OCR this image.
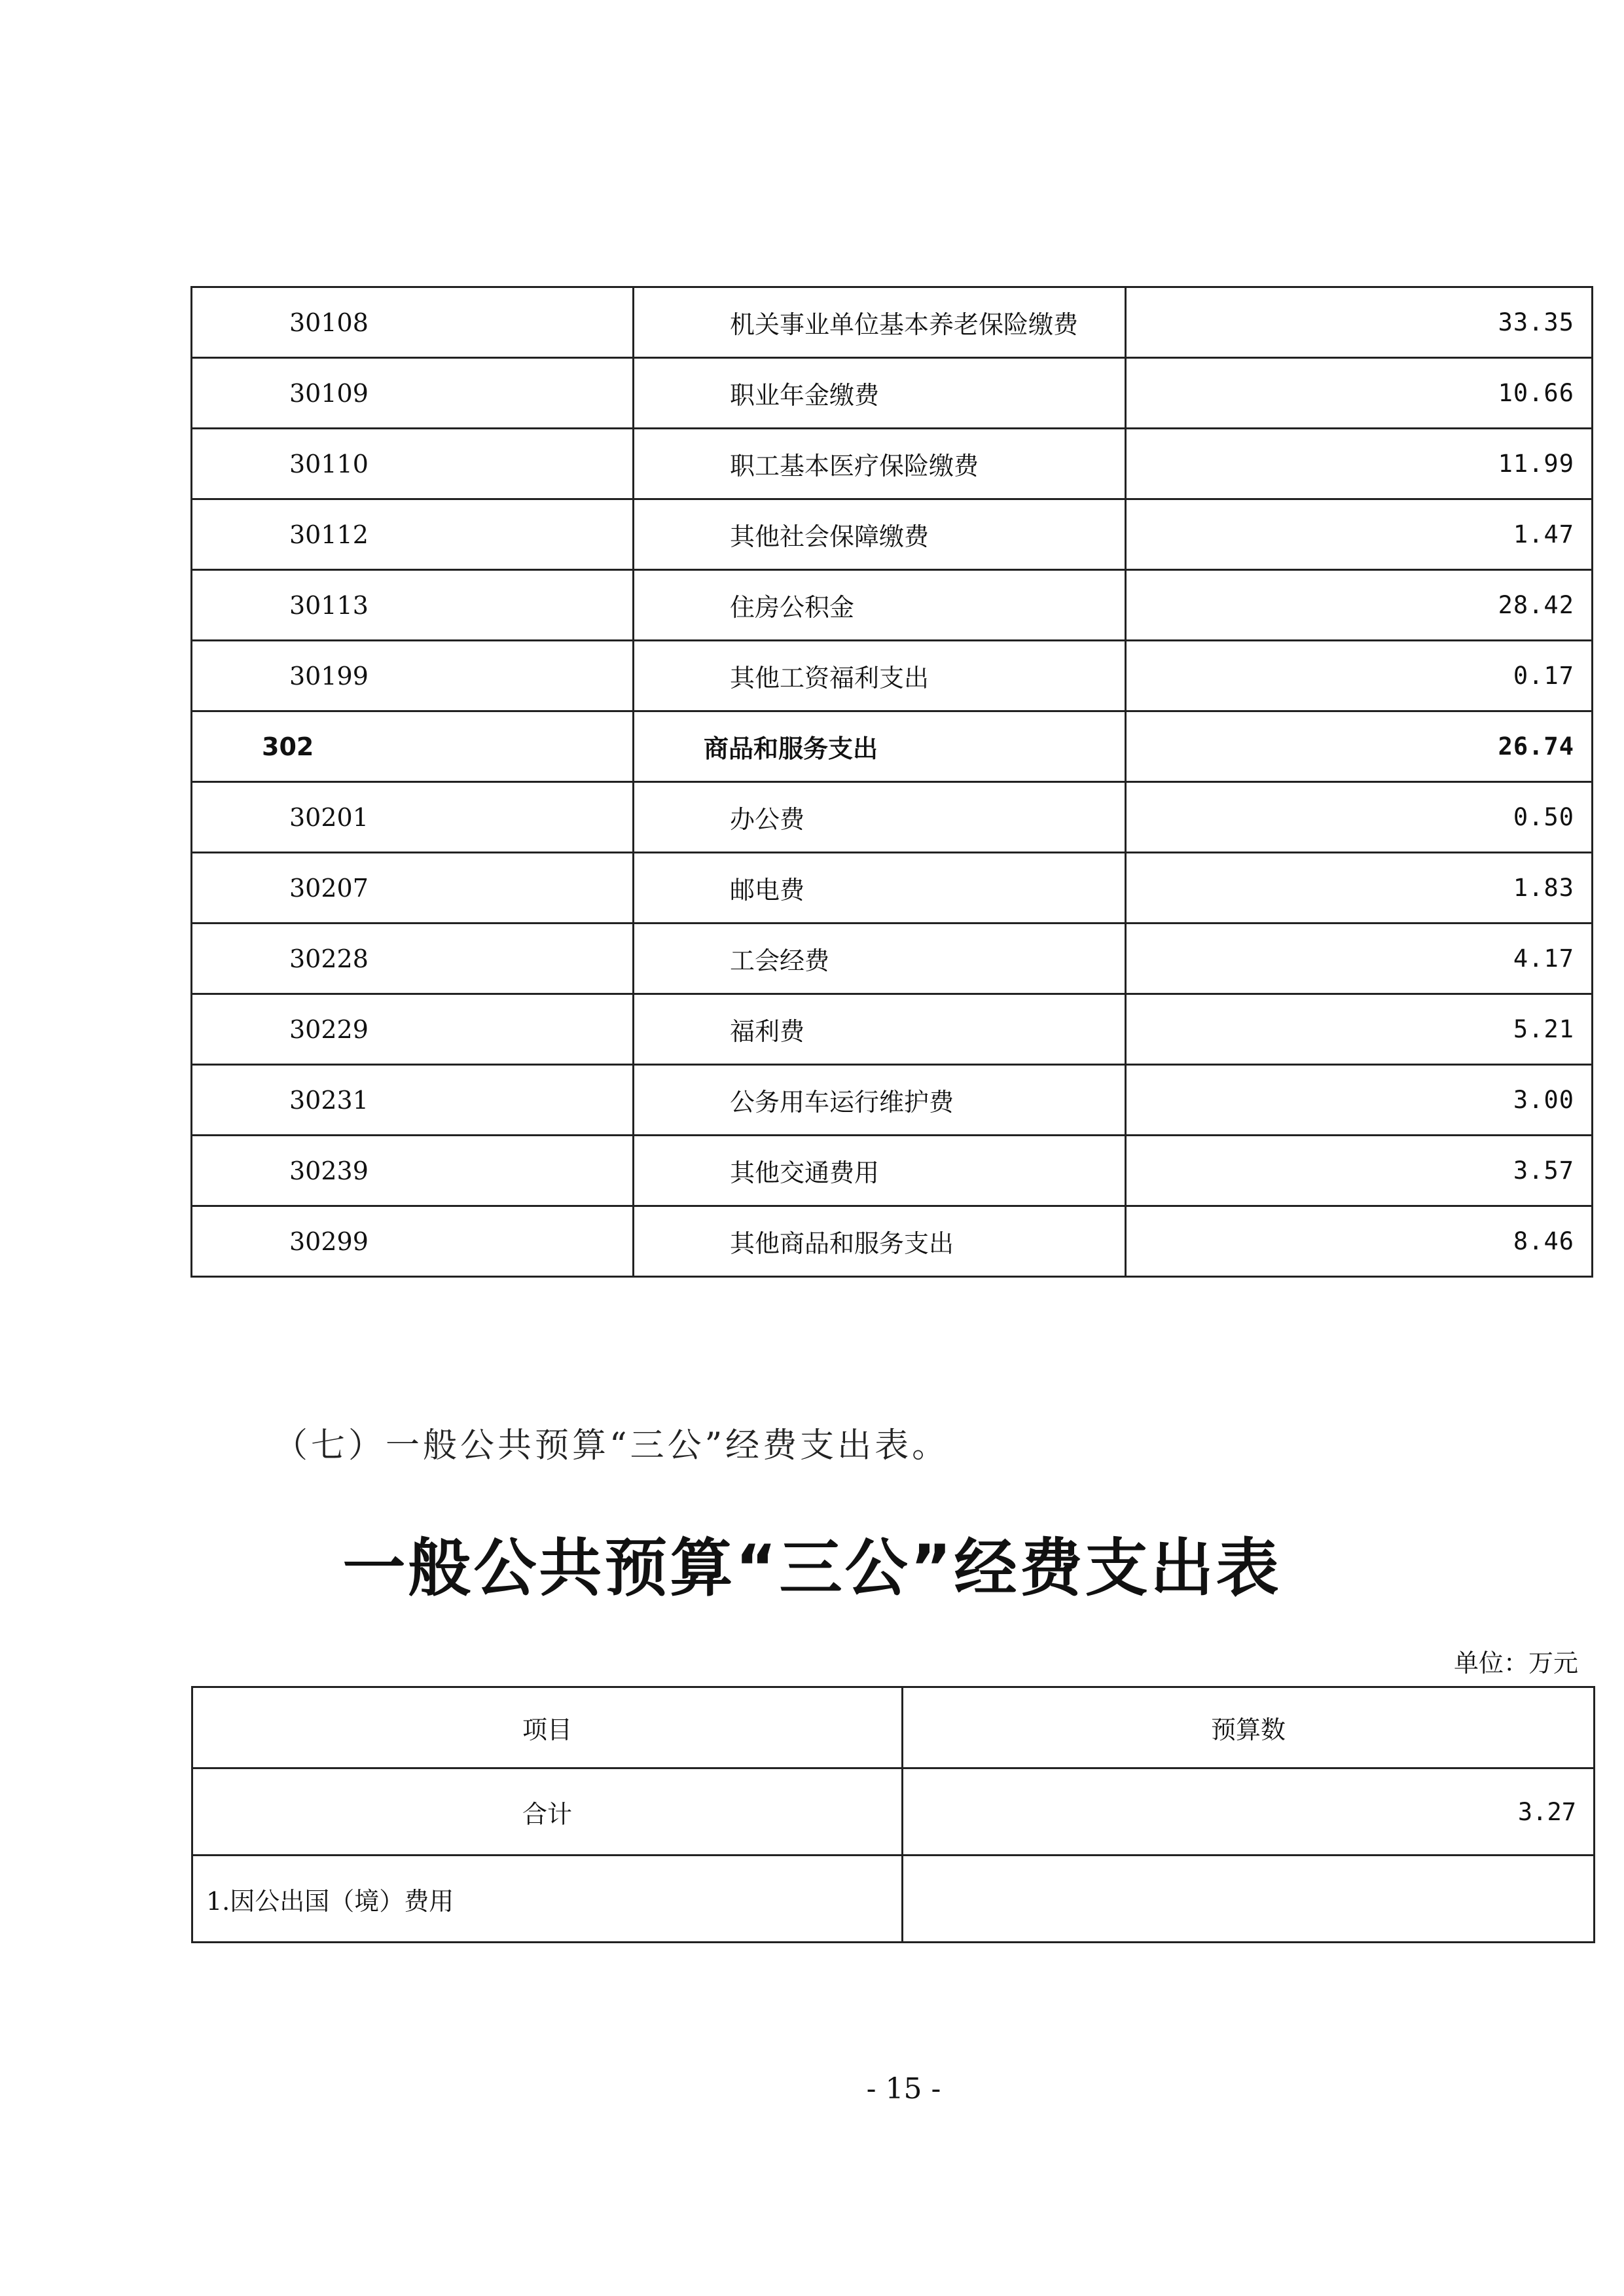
30108	机关事业单位基本养老保险缴费	33.35
30109	职业年金缴费	10.66
30110	职工基本医疗保险缴费	11.99
30112	其他社会保障缴费	1.47
30113	住房公积金	28.42
30199	其他工资福利支出	0.17
302	商品和服务支出	26.74
30201	办公费	0.50
30207	邮电费	1.83
30228	工会经费	4.17
30229	福利费	5.21
30231	公务用车运行维护费	3.00
30239	其他交通费用	3.57
30299	其他商品和服务支出	8.46
（七）一般公共预算“三公”经费支出表。
一般公共预算“三公”经费支出表
单位：万元
项目	预算数
合计	3.27
1.因公出国（境）费用	
- 15 -
